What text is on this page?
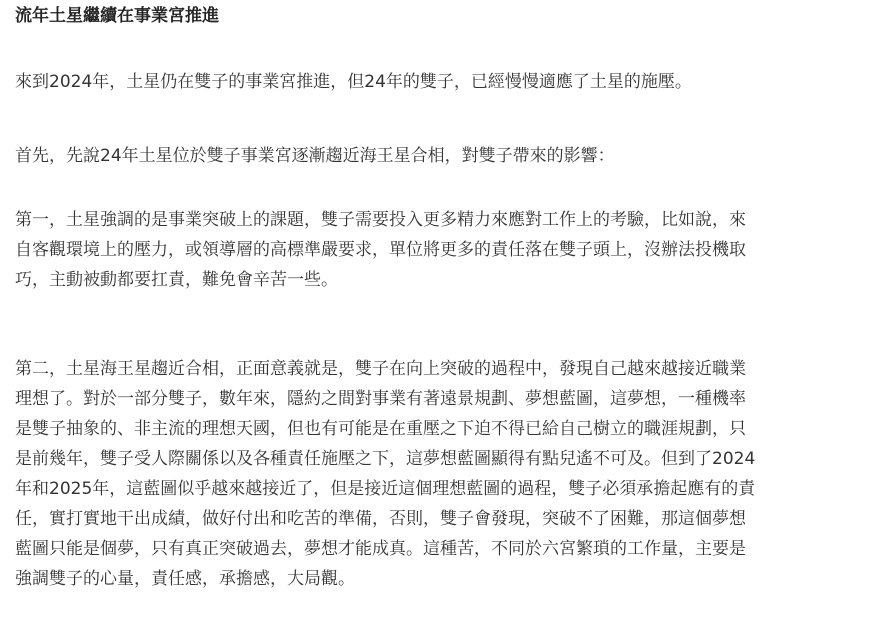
流年土星繼續在事業宮推進
來到2024年，土星仍在雙子的事業宮推進，但24年的雙子，已經慢慢適應了土星的施壓。
首先，先說24年土星位於雙子事業宮逐漸趨近海王星合相，對雙子帶來的影響：
第一，土星強調的是事業突破上的課題，雙子需要投入更多精力來應對工作上的考驗，比如說，來
自客觀環境上的壓力，或領導層的高標準嚴要求，單位將更多的責任落在雙子頭上，沒辦法投機取
巧，主動被動都要扛責，難免會辛苦一些。
第二，土星海王星趨近合相，正面意義就是，雙子在向上突破的過程中，發現自己越來越接近職業
理想了。對於一部分雙子，數年來，隱約之間對事業有著遠景規劃、夢想藍圖，這夢想，一種機率
是雙子抽象的、非主流的理想天國，但也有可能是在重壓之下迫不得已給自己樹立的職涯規劃，只
是前幾年，雙子受人際關係以及各種責任施壓之下，這夢想藍圖顯得有點兒遙不可及。但到了2024
年和2025年，這藍圖似乎越來越接近了，但是接近這個理想藍圖的過程，雙子必須承擔起應有的責
任，實打實地干出成績，做好付出和吃苦的準備，否則，雙子會發現，突破不了困難，那這個夢想
藍圖只能是個夢，只有真正突破過去，夢想才能成真。這種苦，不同於六宮繁瑣的工作量，主要是
強調雙子的心量，責任感，承擔感，大局觀。
